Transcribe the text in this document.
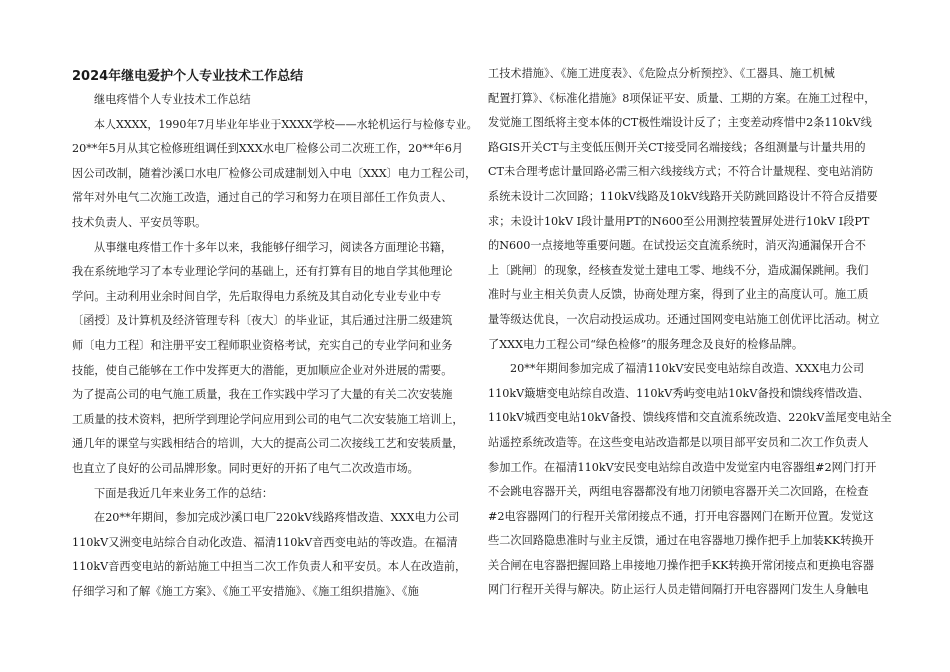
2024年继电爱护个人专业技术工作总结
继电疼惜个人专业技术工作总结
本人XXXX，1990年7月毕业年毕业于XXXX学校——水轮机运行与检修专业。
20**年5月从其它检修班组调任到XXX水电厂检修公司二次班工作，20**年6月
因公司改制，随着沙溪口水电厂检修公司成建制划入中电〔XXX〕电力工程公司，
常年对外电气二次施工改造，通过自己的学习和努力在项目部任工作负责人、
技术负责人、平安员等职。
从事继电疼惜工作十多年以来，我能够仔细学习，阅读各方面理论书籍，
我在系统地学习了本专业理论学问的基础上，还有打算有目的地自学其他理论
学问。主动利用业余时间自学，先后取得电力系统及其自动化专业专业中专
〔函授〕及计算机及经济管理专科〔夜大〕的毕业证，其后通过注册二级建筑
师〔电力工程〕和注册平安工程师职业资格考试，充实自己的专业学问和业务
技能，使自己能够在工作中发挥更大的潜能，更加顺应企业对外进展的需要。
为了提高公司的电气施工质量，我在工作实践中学习了大量的有关二次安装施
工质量的技术资料，把所学到理论学问应用到公司的电气二次安装施工培训上，
通几年的课堂与实践相结合的培训，大大的提高公司二次接线工艺和安装质量，
也直立了良好的公司品牌形象。同时更好的开拓了电气二次改造市场。
下面是我近几年来业务工作的总结：
在20**年期间，参加完成沙溪口电厂220kV线路疼惜改造、XXX电力公司
110kV又洲变电站综合自动化改造、福清110kV音西变电站的等改造。在福清
110kV音西变电站的新站施工中担当二次工作负责人和平安员。本人在改造前，
仔细学习和了解《施工方案》、《施工平安措施》、《施工组织措施》、《施
工技术措施》、《施工进度表》、《危险点分析预控》、《工器具、施工机械
配置打算》、《标准化措施》8项保证平安、质量、工期的方案。在施工过程中，
发觉施工图纸将主变本体的CT极性端设计反了；主变差动疼惜中2条110kV线
路GIS开关CT与主变低压侧开关CT接受同名端接线；各组测量与计量共用的
CT未合理考虑计量回路必需三相六线接线方式；不符合计量规程、变电站消防
系统未设计二次回路；110kV线路及10kV线路开关防跳回路设计不符合反措要
求；未设计10kV Ⅰ段计量用PT的N600至公用测控装置屏处进行10kV Ⅰ段PT
的N600一点接地等重要问题。在试投运交直流系统时，消灭沟通漏保开合不
上〔跳闸〕的现象，经核查发觉土建电工零、地线不分，造成漏保跳闸。我们
准时与业主相关负责人反馈，协商处理方案，得到了业主的高度认可。施工质
量等级达优良，一次启动投运成功。还通过国网变电站施工创优评比活动。树立
了XXX电力工程公司“绿色检修”的服务理念及良好的检修品牌。
20**年期间参加完成了福清110kV安民变电站综自改造、XXX电力公司
110kV簸塘变电站综自改造、110kV秀屿变电站10kV备投和馈线疼惜改造、
110kV城西变电站10kV备投、馈线疼惜和交直流系统改造、220kV盖尾变电站全
站遥控系统改造等。在这些变电站改造都是以项目部平安员和二次工作负责人
参加工作。在福清110kV安民变电站综自改造中发觉室内电容器组#2网门打开
不会跳电容器开关，两组电容器都没有地刀闭锁电容器开关二次回路，在检查
#2电容器网门的行程开关常闭接点不通，打开电容器网门在断开位置。发觉这
些二次回路隐患准时与业主反馈，通过在电容器地刀操作把手上加装KK转换开
关合闸在电容器把握回路上串接地刀操作把手KK转换开常闭接点和更换电容器
网门行程开关得与解决。防止运行人员走错间隔打开电容器网门发生人身触电
